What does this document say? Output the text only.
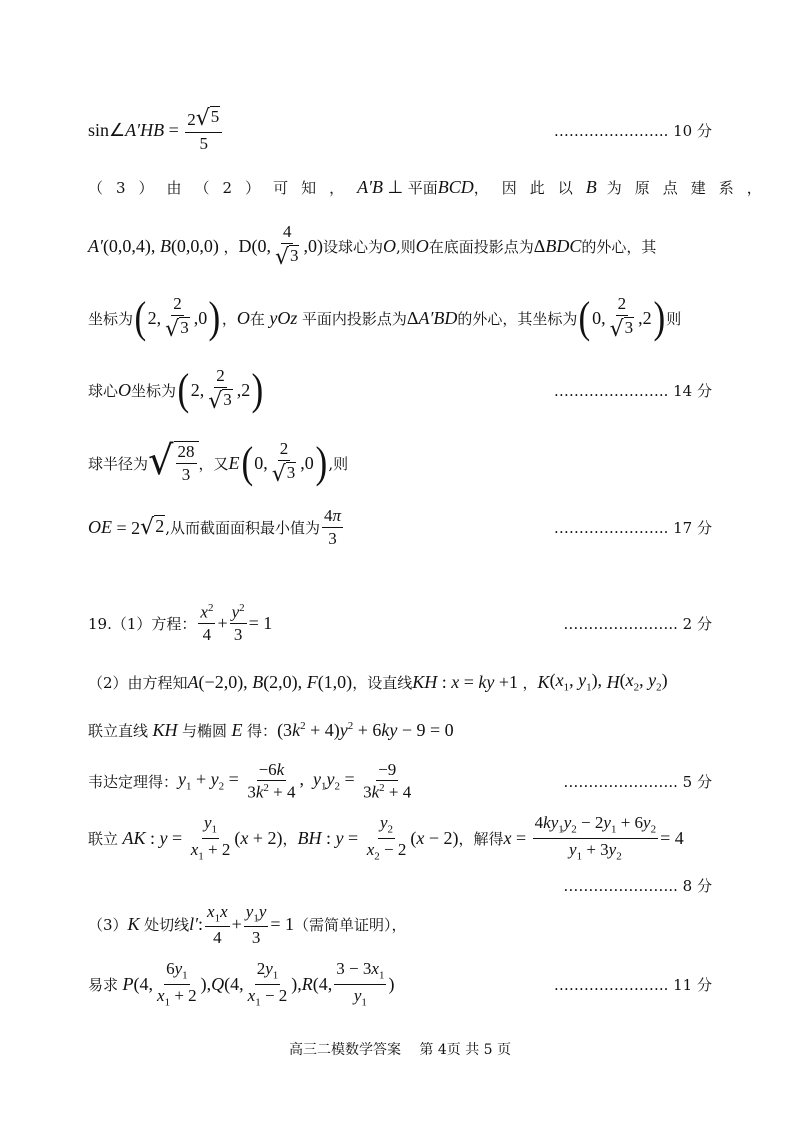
sin ∠ $A'HB = \frac{2 √ 5}{5}$	………………….. 10 分
（3）由（2）可知， A′B ⊥ 平面 BCD ，因此以 B 为原点建系，
A′ (0,0,4), B (0,0,0) ， D(0, $\frac{4}{√ 3} ,0$) 设球心为 O ,则 O 在底面投影点为 Δ BDC 的外心，其
坐标为 ( 2, $\frac{2}{√ 3} ,0$ ) ， O 在 yOz 平面内投影点为 Δ A′BD 的外心，其坐标为 ( 0, $\frac{2}{√ 3} ,2$ ) 则
球心 O 坐标为 ( 2, $\frac{2}{√ 3} ,2$ )	………………….. 14 分
球半径为 √ $\frac{28}{3}$ ，又 E ( 0, $\frac{2}{√ 3} ,0$ ) ,则
OE = 2 √ 2 ,从而截面面积最小值为 $\frac{4\pi}{3}$	………………….. 17 分
19.（1）方程： $\frac{x^2}{4} + \frac{y^2}{3} = 1$	………………….. 2 分
（2）由方程知 A (−2,0), B (2,0), F (1,0) ，设直线 KH : x = ky +1 ， K ($x_1$, $y_1$), H ($x_2$, $y_2$)
联立直线 KH 与椭圆 E 得： $(3k^2 + 4)y^2 + 6ky - 9 = 0$
韦达定理得： $y_1 + y_2 = \frac{-6k}{3k^2 + 4}$ ,  $y_1y_2 = \frac{-9}{3k^2 + 4}$	………………….. 5 分
联立 AK : $y = \frac{y_1}{x_1 + 2} (x + 2)$ ， BH : $y = \frac{y_2}{x_2 - 2} (x - 2)$ ，解得 $x = \frac{4ky_1y_2 - 2y_1 + 6y_2}{y_1 + 3y_2} = 4$
………………….. 8 分
（3） K 处切线 l′ : $\frac{x_1x}{4} + \frac{y_1y}{3} = 1$ （需简单证明），
易求 P (4, $\frac{6y_1}{x_1 + 2}$ ), Q (4, $\frac{2y_1}{x_1 - 2}$ ), R (4, $\frac{3 - 3x_1}{y_1}$ )	………………….. 11 分
高三二模数学答案　 第 4页 共 5 页
